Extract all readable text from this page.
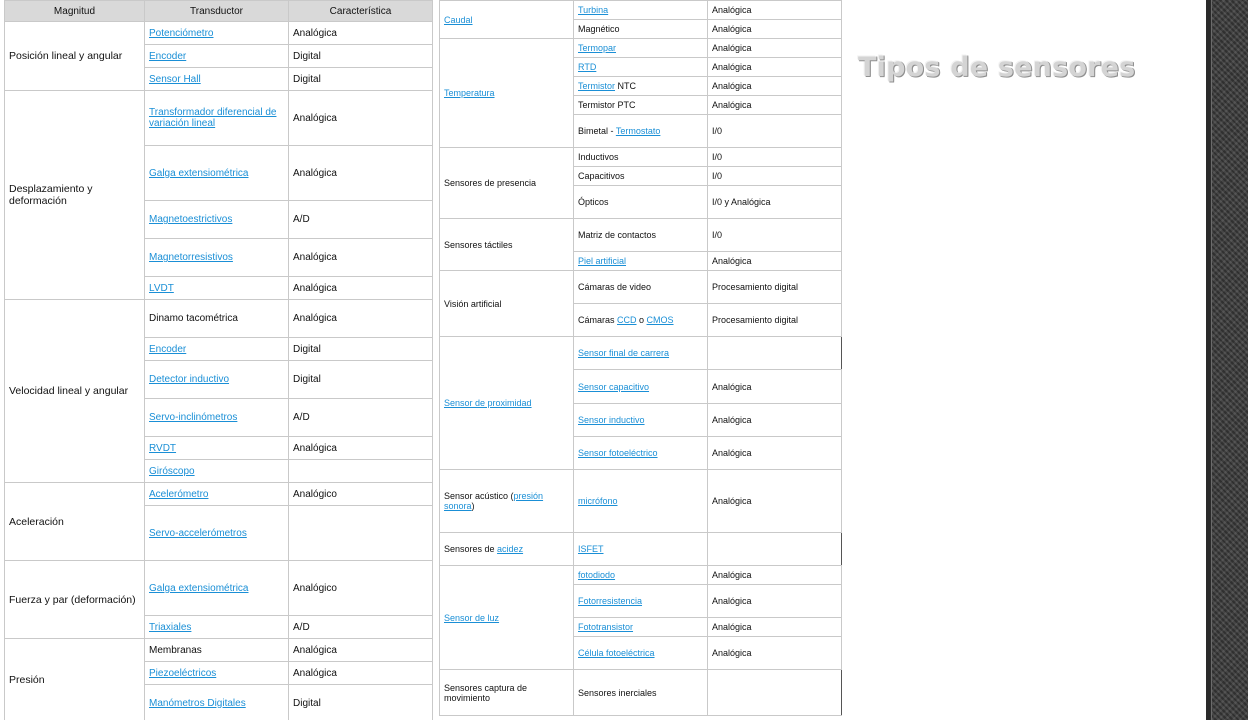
Magnitud	Transductor	Característica
Posición lineal y angular	Potenciómetro	Analógica
	Encoder	Digital
	Sensor Hall	Digital
Desplazamiento y deformación	Transformador diferencial de variación lineal	Analógica
	Galga extensiométrica	Analógica
	Magnetoestrictivos	A/D
	Magnetorresistivos	Analógica
	LVDT	Analógica
Velocidad lineal y angular	Dinamo tacométrica	Analógica
	Encoder	Digital
	Detector inductivo	Digital
	Servo-inclinómetros	A/D
	RVDT	Analógica
	Giróscopo	
Aceleración	Acelerómetro	Analógico
	Servo-accelerómetros	
Fuerza y par (deformación)	Galga extensiométrica	Analógico
	Triaxiales	A/D
Presión	Membranas	Analógica
	Piezoeléctricos	Analógica
	Manómetros Digitales	Digital
Caudal	Turbina	Analógica
	Magnético	Analógica
Temperatura	Termopar	Analógica
	RTD	Analógica
	Termistor NTC	Analógica
	Termistor PTC	Analógica
	Bimetal - Termostato	I/0
Sensores de presencia	Inductivos	I/0
	Capacitivos	I/0
	Ópticos	I/0 y Analógica
Sensores táctiles	Matriz de contactos	I/0
	Piel artificial	Analógica
Visión artificial	Cámaras de video	Procesamiento digital
	Cámaras CCD o CMOS	Procesamiento digital
Sensor de proximidad	Sensor final de carrera	
	Sensor capacitivo	Analógica
	Sensor inductivo	Analógica
	Sensor fotoeléctrico	Analógica
Sensor acústico (presión sonora)	micrófono	Analógica
Sensores de acidez	ISFET	
Sensor de luz	fotodiodo	Analógica
	Fotorresistencia	Analógica
	Fototransistor	Analógica
	Célula fotoeléctrica	Analógica
Sensores captura de movimiento	Sensores inerciales	
Tipos de sensores
